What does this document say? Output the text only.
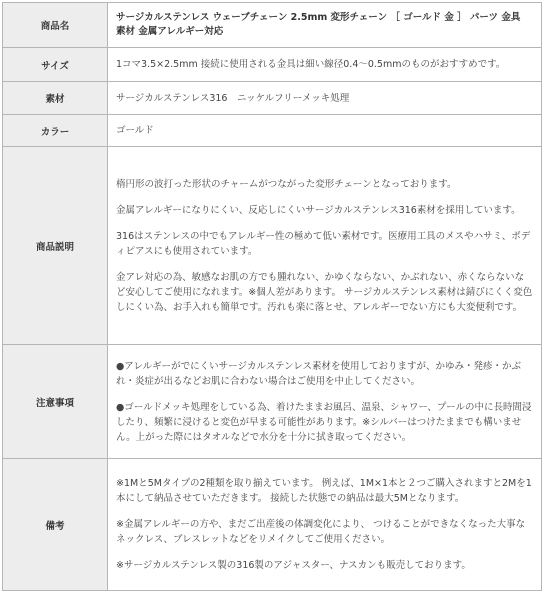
商品名	サージカルステンレス ウェーブチェーン 2.5mm 変形チェーン ［ ゴールド 金 ］ パーツ 金具 素材 金属アレルギー対応
サイズ	1コマ3.5×2.5mm 接続に使用される金具は細い線径0.4～0.5mmのものがおすすめです。
素材	サージカルステンレス316　ニッケルフリーメッキ処理
カラー	ゴールド
商品説明	楕円形の波打った形状のチャームがつながった変形チェーンとなっております。

金属アレルギーになりにくい、反応しにくいサージカルステンレス316素材を採用しています。

316はステンレスの中でもアレルギー性の極めて低い素材です。医療用工具のメスやハサミ、ボディピアスにも使用されています。

金アレ対応の為、敏感なお肌の方でも腫れない、かゆくならない、かぶれない、赤くならないなど安心してご使用になれます。※個人差があります。 サージカルステンレス素材は錆びにくく変色しにくい為、お手入れも簡単です。汚れも楽に落とせ、アレルギーでない方にも大変便利です。

注意事項	●アレルギーがでにくいサージカルステンレス素材を使用しておりますが、かゆみ・発疹・かぶれ・炎症が出るなどお肌に合わない場合はご使用を中止してください。

●ゴールドメッキ処理をしている為、着けたままお風呂、温泉、シャワー、プールの中に長時間浸したり、頻繁に浸けると変色が早まる可能性があります。※シルバーはつけたままでも構いません。上がった際にはタオルなどで水分を十分に拭き取ってください。

備考	※1Mと5Mタイプの2種類を取り揃えています。 例えば、1M×1本と２つご購入されますと2Mを1本にして納品させていただきます。 接続した状態での納品は最大5Mとなります。

※金属アレルギーの方や、まだご出産後の体調変化により、 つけることができなくなった大事なネックレス、ブレスレットなどをリメイクしてご使用ください。

※サージカルステンレス製の316製のアジャスター、ナスカンも販売しております。
